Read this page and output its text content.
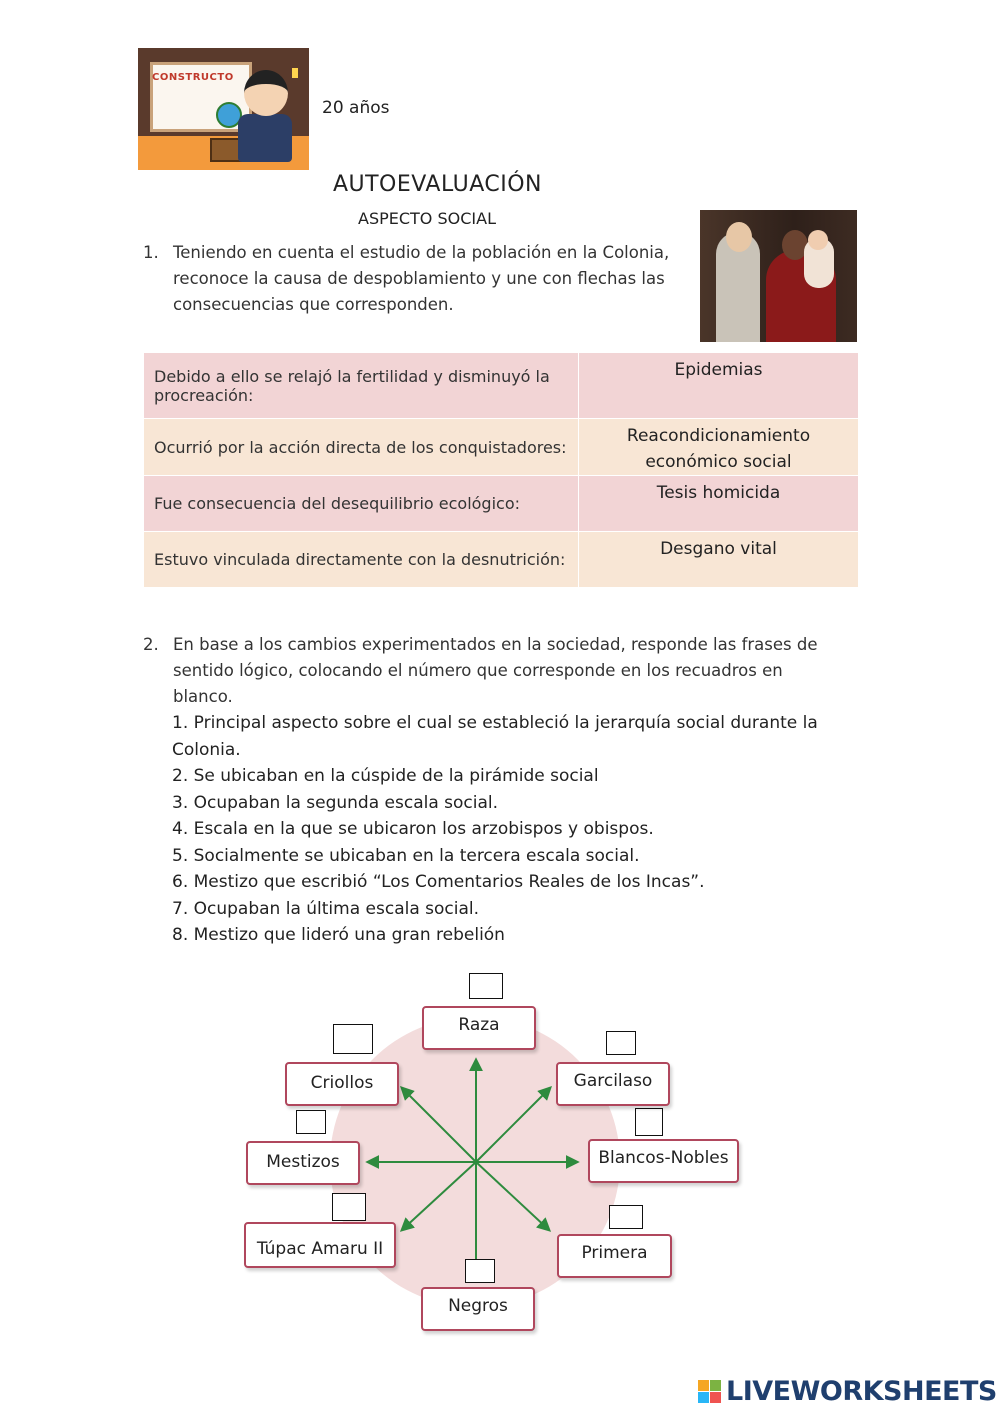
CONSTRUCTO
20 años
AUTOEVALUACIÓN
ASPECTO SOCIAL
1. Teniendo en cuenta el estudio de la población en la Colonia, reconoce la causa de despoblamiento y une con flechas las consecuencias que corresponden.
Debido a ello se relajó la fertilidad y disminuyó la procreación:	Epidemias
Ocurrió por la acción directa de los conquistadores:	Reacondicionamiento económico social
Fue consecuencia del desequilibrio ecológico:	Tesis homicida
Estuvo vinculada directamente con la desnutrición:	Desgano vital
2. En base a los cambios experimentados en la sociedad, responde las frases de sentido lógico, colocando el número que corresponde en los recuadros en blanco.
1. Principal aspecto sobre el cual se estableció la jerarquía social durante la Colonia.
2. Se ubicaban en la cúspide de la pirámide social
3. Ocupaban la segunda escala social.
4. Escala en la que se ubicaron los arzobispos y obispos.
5. Socialmente se ubicaban en la tercera escala social.
6. Mestizo que escribió “Los Comentarios Reales de los Incas”.
7. Ocupaban la última escala social.
8. Mestizo que lideró una gran rebelión
Raza
Criollos	Garcilaso
Mestizos	Blancos-Nobles
Túpac Amaru II	Primera
Negros
LIVEWORKSHEETS
